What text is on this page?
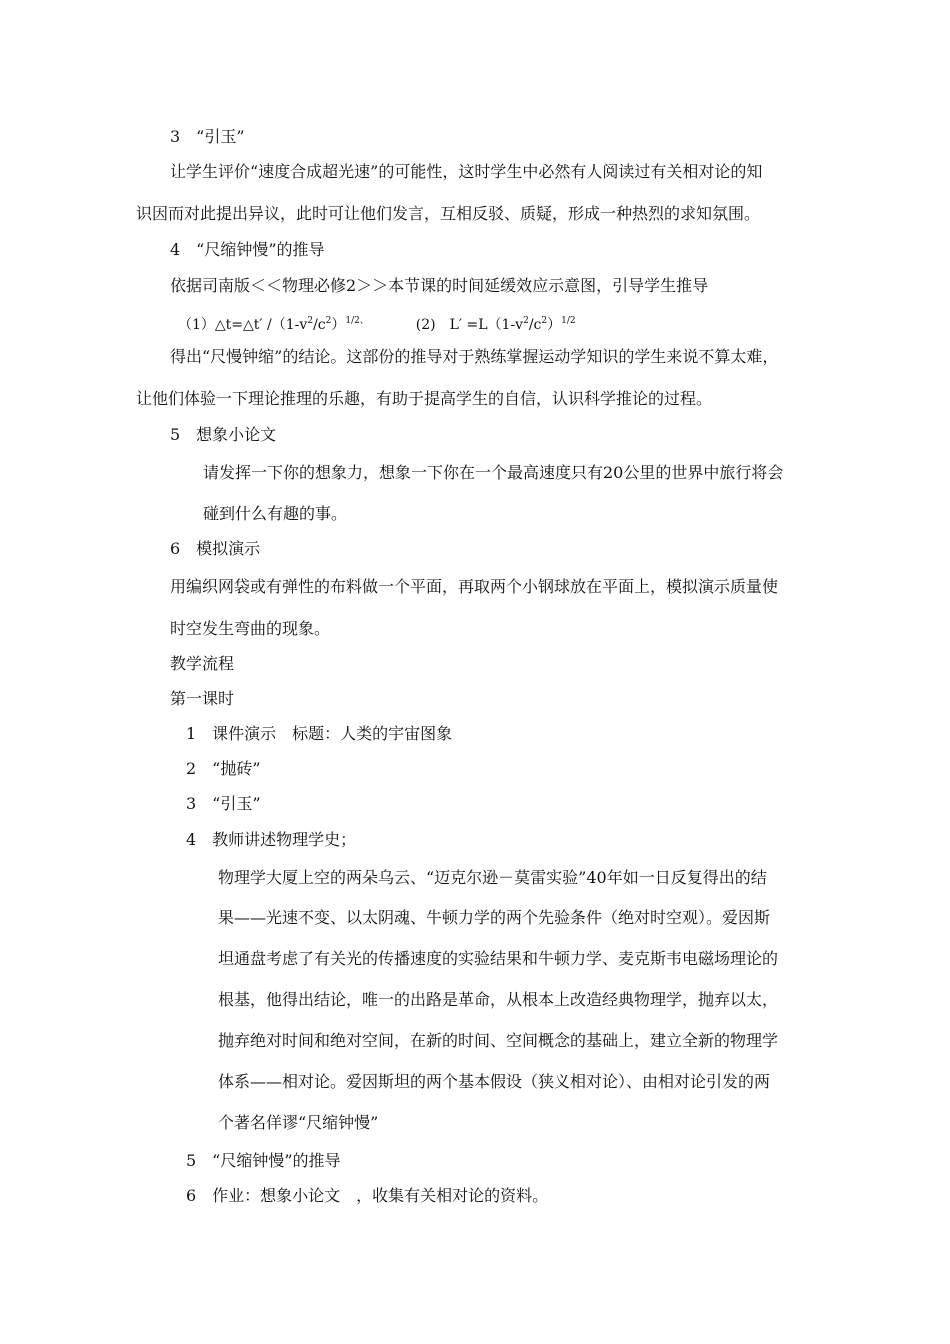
3　“引玉”
让学生评价“速度合成超光速”的可能性，这时学生中必然有人阅读过有关相对论的知
识因而对此提出异议，此时可让他们发言，互相反驳、质疑，形成一种热烈的求知氛围。
4　“尺缩钟慢”的推导
依据司南版＜＜物理必修2＞＞本节课的时间延缓效应示意图，引导学生推导
（1）△t=△t′ $/(1-v^2/c^2)^{1/2、}$	(2)　$L' =L(1-v^2/c^2)^{1/2}$
得出“尺慢钟缩”的结论。这部份的推导对于熟练掌握运动学知识的学生来说不算太难，
让他们体验一下理论推理的乐趣，有助于提高学生的自信，认识科学推论的过程。
5　想象小论文
请发挥一下你的想象力，想象一下你在一个最高速度只有20公里的世界中旅行将会
碰到什么有趣的事。
6　模拟演示
用编织网袋或有弹性的布料做一个平面，再取两个小钢球放在平面上，模拟演示质量使
时空发生弯曲的现象。
教学流程
第一课时
1　课件演示　标题：人类的宇宙图象
2　“抛砖”
3　“引玉”
4　教师讲述物理学史；
物理学大厦上空的两朵乌云、“迈克尔逊－莫雷实验”40年如一日反复得出的结
果——光速不变、以太阴魂、牛顿力学的两个先验条件（绝对时空观）。爱因斯
坦通盘考虑了有关光的传播速度的实验结果和牛顿力学、麦克斯韦电磁场理论的
根基，他得出结论，唯一的出路是革命，从根本上改造经典物理学，抛弃以太，
抛弃绝对时间和绝对空间，在新的时间、空间概念的基础上，建立全新的物理学
体系——相对论。爱因斯坦的两个基本假设（狭义相对论）、由相对论引发的两
个著名佯谬“尺缩钟慢”
5　“尺缩钟慢”的推导
6　作业：想象小论文　，收集有关相对论的资料。
